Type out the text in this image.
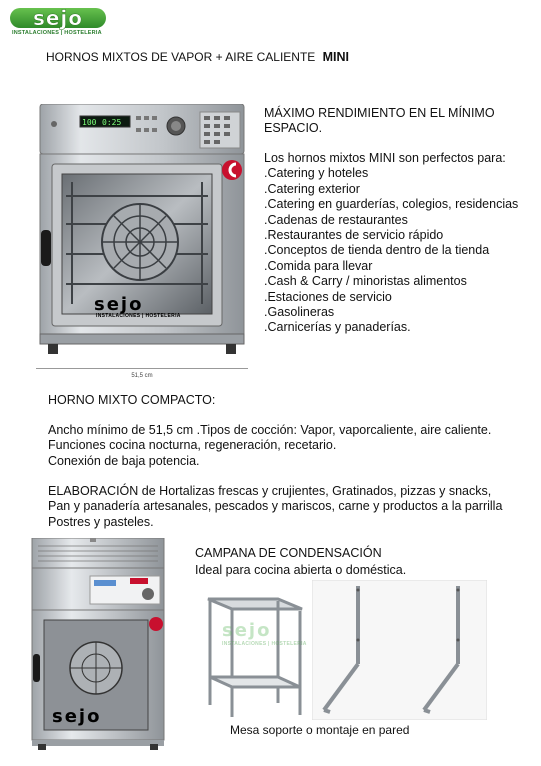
sejo
INSTALACIONES | HOSTELERIA
HORNOS MIXTOS DE VAPOR + AIRE CALIENTE MINI
100 0:25
sejo
INSTALACIONES | HOSTELERIA
51,5 cm
MÁXIMO RENDIMIENTO EN EL MÍNIMO
ESPACIO.
Los hornos mixtos MINI son perfectos para:
.Catering y hoteles
.Catering exterior
.Catering en guarderías, colegios, residencias
.Cadenas de restaurantes
.Restaurantes de servicio rápido
.Conceptos de tienda dentro de la tienda
.Comida para llevar
.Cash & Carry / minoristas alimentos
.Estaciones de servicio
.Gasolineras
.Carnicerías y panaderías.
HORNO MIXTO COMPACTO:
Ancho mínimo de 51,5 cm .Tipos de cocción: Vapor, vaporcaliente, aire caliente.
Funciones cocina nocturna, regeneración, recetario.
Conexión de baja potencia.
ELABORACIÓN de Hortalizas frescas y crujientes, Gratinados, pizzas y snacks,
Pan y panadería artesanales, pescados y mariscos, carne y productos a la parrilla
Postres y pasteles.
sejo
CAMPANA DE CONDENSACIÓN
Ideal para cocina abierta o doméstica.
sejo
INSTALACIONES | HOSTELERIA
Mesa soporte o montaje en pared
